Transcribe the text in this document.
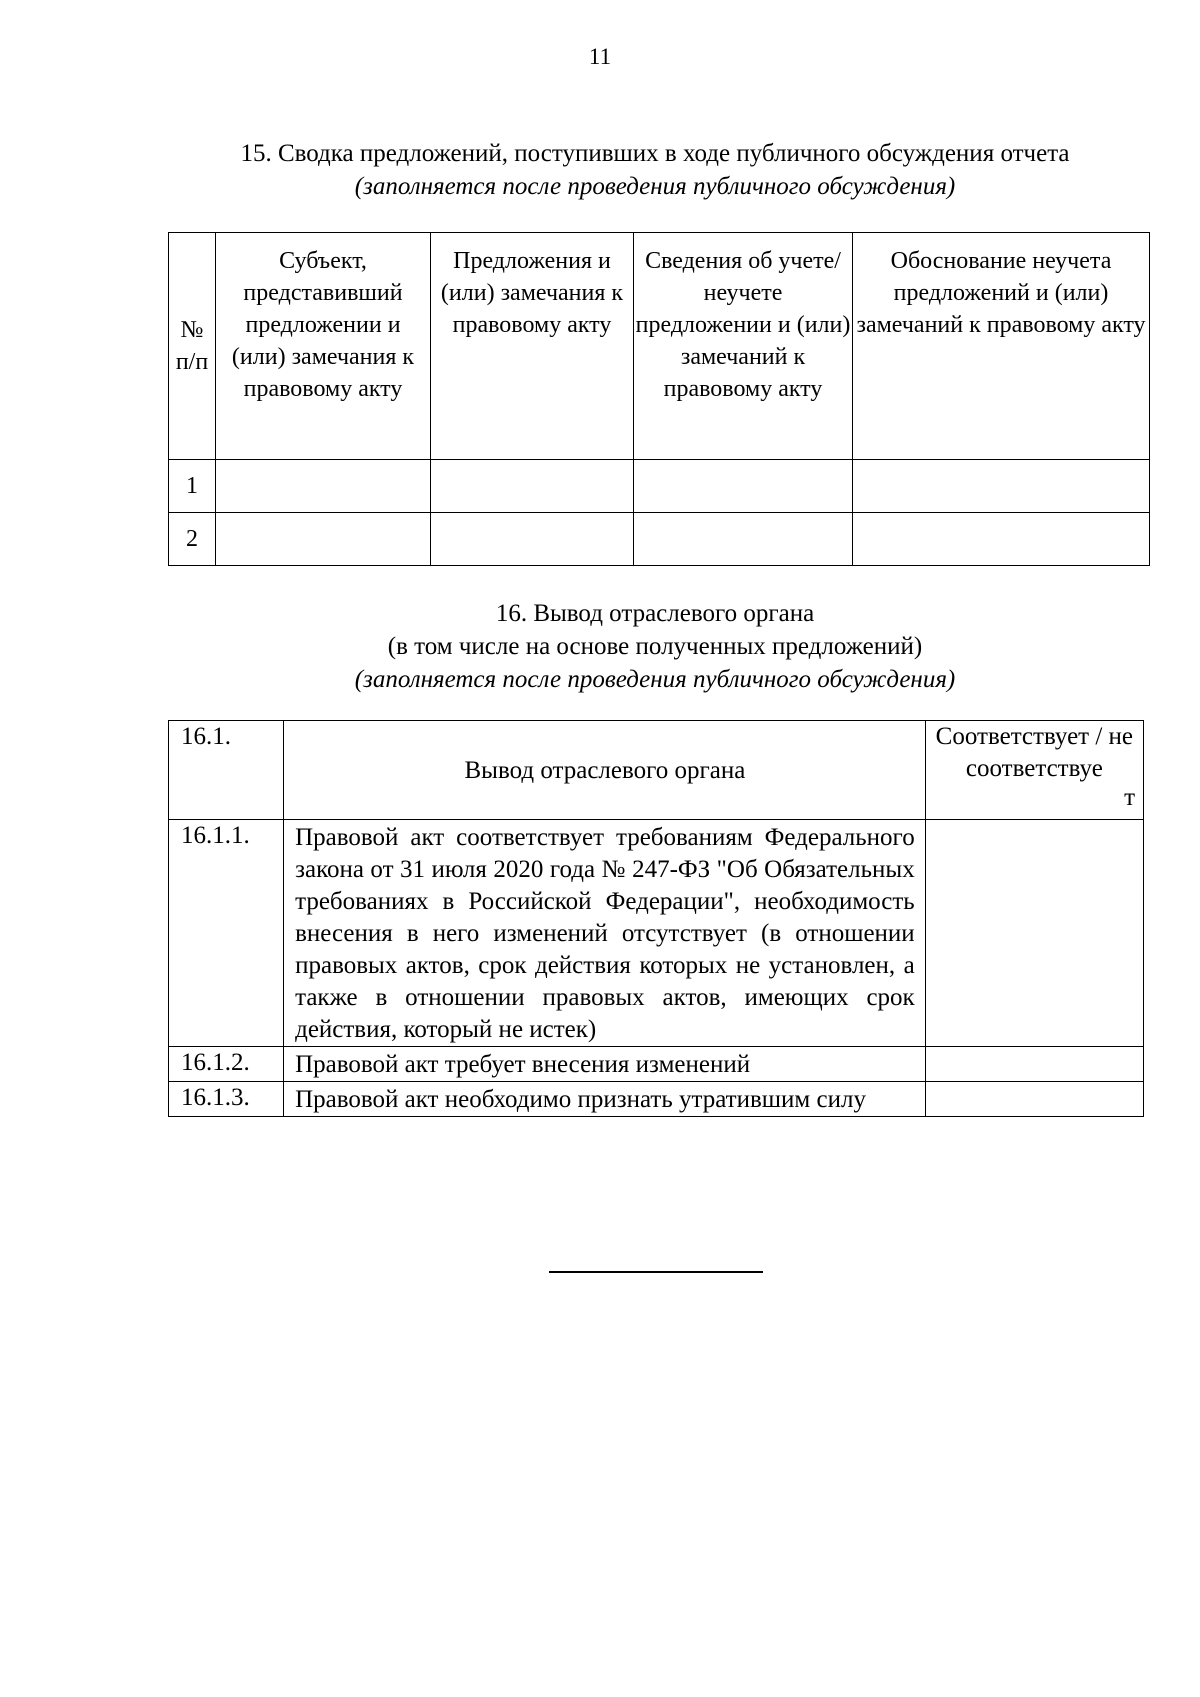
11
15. Сводка предложений, поступивших в ходе публичного обсуждения отчета
(заполняется после проведения публичного обсуждения)
№ п/п	Субъект, представивший предложении и (или) замечания к правовому акту	Предложения и (или) замечания к правовому акту	Сведения об учете/неучете предложении и (или) замечаний к правовому акту	Обоснование неучета предложений и (или) замечаний к правовому акту
1				
2				
16. Вывод отраслевого органа
(в том числе на основе полученных предложений)
(заполняется после проведения публичного обсуждения)
16.1.	Вывод отраслевого органа	Соответствует / не соответствуе
т

16.1.1.	Правовой акт соответствует требованиям Федерального закона от 31 июля 2020 года № 247-ФЗ "Об Обязательных требованиях в Российской Федерации", необходимость внесения в него изменений отсутствует (в отношении правовых актов, срок действия которых не установлен, а также в отношении правовых актов, имеющих срок действия, который не истек)	
16.1.2.	Правовой акт требует внесения изменений	
16.1.3.	Правовой акт необходимо признать утратившим силу	
